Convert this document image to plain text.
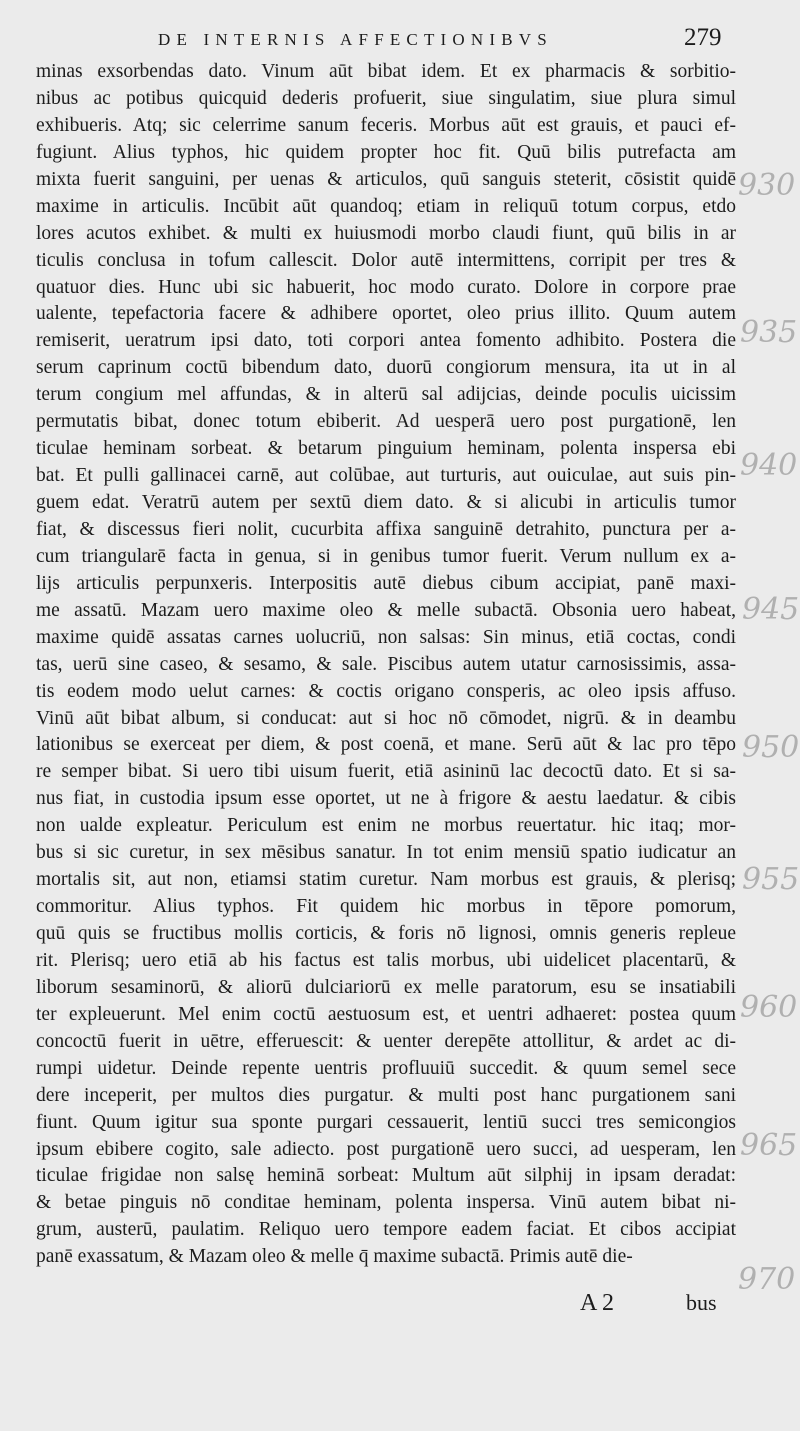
DE INTERNIS AFFECTIONIBVS	279
minas exsorbendas dato. Vinum aūt bibat idem. Et ex pharmacis & sorbitio-
nibus ac potibus quicquid dederis profuerit, siue singulatim, siue plura simul
exhibueris. Atq; sic celerrime sanum feceris. Morbus aūt est grauis, et pauci ef-
fugiunt. Alius typhos, hic quidem propter hoc fit. Quū bilis putrefacta am
mixta fuerit sanguini, per uenas & articulos, quū sanguis steterit, cōsistit quidē
maxime in articulis. Incūbit aūt quandoq; etiam in reliquū totum corpus, etdo
lores acutos exhibet. & multi ex huiusmodi morbo claudi fiunt, quū bilis in ar
ticulis conclusa in tofum callescit. Dolor autē intermittens, corripit per tres &
quatuor dies. Hunc ubi sic habuerit, hoc modo curato. Dolore in corpore prae
ualente, tepefactoria facere & adhibere oportet, oleo prius illito. Quum autem
remiserit, ueratrum ipsi dato, toti corpori antea fomento adhibito. Postera die
serum caprinum coctū bibendum dato, duorū congiorum mensura, ita ut in al
terum congium mel affundas, & in alterū sal adijcias, deinde poculis uicissim
permutatis bibat, donec totum ebiberit. Ad uesperā uero post purgationē, len
ticulae heminam sorbeat. & betarum pinguium heminam, polenta inspersa ebi
bat. Et pulli gallinacei carnē, aut colūbae, aut turturis, aut ouiculae, aut suis pin-
guem edat. Veratrū autem per sextū diem dato. & si alicubi in articulis tumor
fiat, & discessus fieri nolit, cucurbita affixa sanguinē detrahito, punctura per a-
cum triangularē facta in genua, si in genibus tumor fuerit. Verum nullum ex a-
lijs articulis perpunxeris. Interpositis autē diebus cibum accipiat, panē maxi-
me assatū. Mazam uero maxime oleo & melle subactā. Obsonia uero habeat,
maxime quidē assatas carnes uolucriū, non salsas: Sin minus, etiā coctas, condi
tas, uerū sine caseo, & sesamo, & sale. Piscibus autem utatur carnosissimis, assa-
tis eodem modo uelut carnes: & coctis origano consperis, ac oleo ipsis affuso.
Vinū aūt bibat album, si conducat: aut si hoc nō cōmodet, nigrū. & in deambu
lationibus se exerceat per diem, & post coenā, et mane. Serū aūt & lac pro tēpo
re semper bibat. Si uero tibi uisum fuerit, etiā asininū lac decoctū dato. Et si sa-
nus fiat, in custodia ipsum esse oportet, ut ne à frigore & aestu laedatur. & cibis
non ualde expleatur. Periculum est enim ne morbus reuertatur. hic itaq; mor-
bus si sic curetur, in sex mēsibus sanatur. In tot enim mensiū spatio iudicatur an
mortalis sit, aut non, etiamsi statim curetur. Nam morbus est grauis, & plerisq;
commoritur. Alius typhos. Fit quidem hic morbus in tēpore pomorum,
quū quis se fructibus mollis corticis, & foris nō lignosi, omnis generis repleue
rit. Plerisq; uero etiā ab his factus est talis morbus, ubi uidelicet placentarū, &
liborum sesaminorū, & aliorū dulciariorū ex melle paratorum, esu se insatiabili
ter expleuerunt. Mel enim coctū aestuosum est, et uentri adhaeret: postea quum
concoctū fuerit in uētre, efferuescit: & uenter derepēte attollitur, & ardet ac di-
rumpi uidetur. Deinde repente uentris profluuiū succedit. & quum semel sece
dere inceperit, per multos dies purgatur. & multi post hanc purgationem sani
fiunt. Quum igitur sua sponte purgari cessauerit, lentiū succi tres semicongios
ipsum ebibere cogito, sale adiecto. post purgationē uero succi, ad uesperam, len
ticulae frigidae non salsę heminā sorbeat: Multum aūt silphij in ipsam deradat:
& betae pinguis nō conditae heminam, polenta inspersa. Vinū autem bibat ni-
grum, austerū, paulatim. Reliquo uero tempore eadem faciat. Et cibos accipiat
panē exassatum, & Mazam oleo & melle q̄ maxime subactā. Primis autē die-
930
935
940
945
950
955
960
965
970
A 2	bus
